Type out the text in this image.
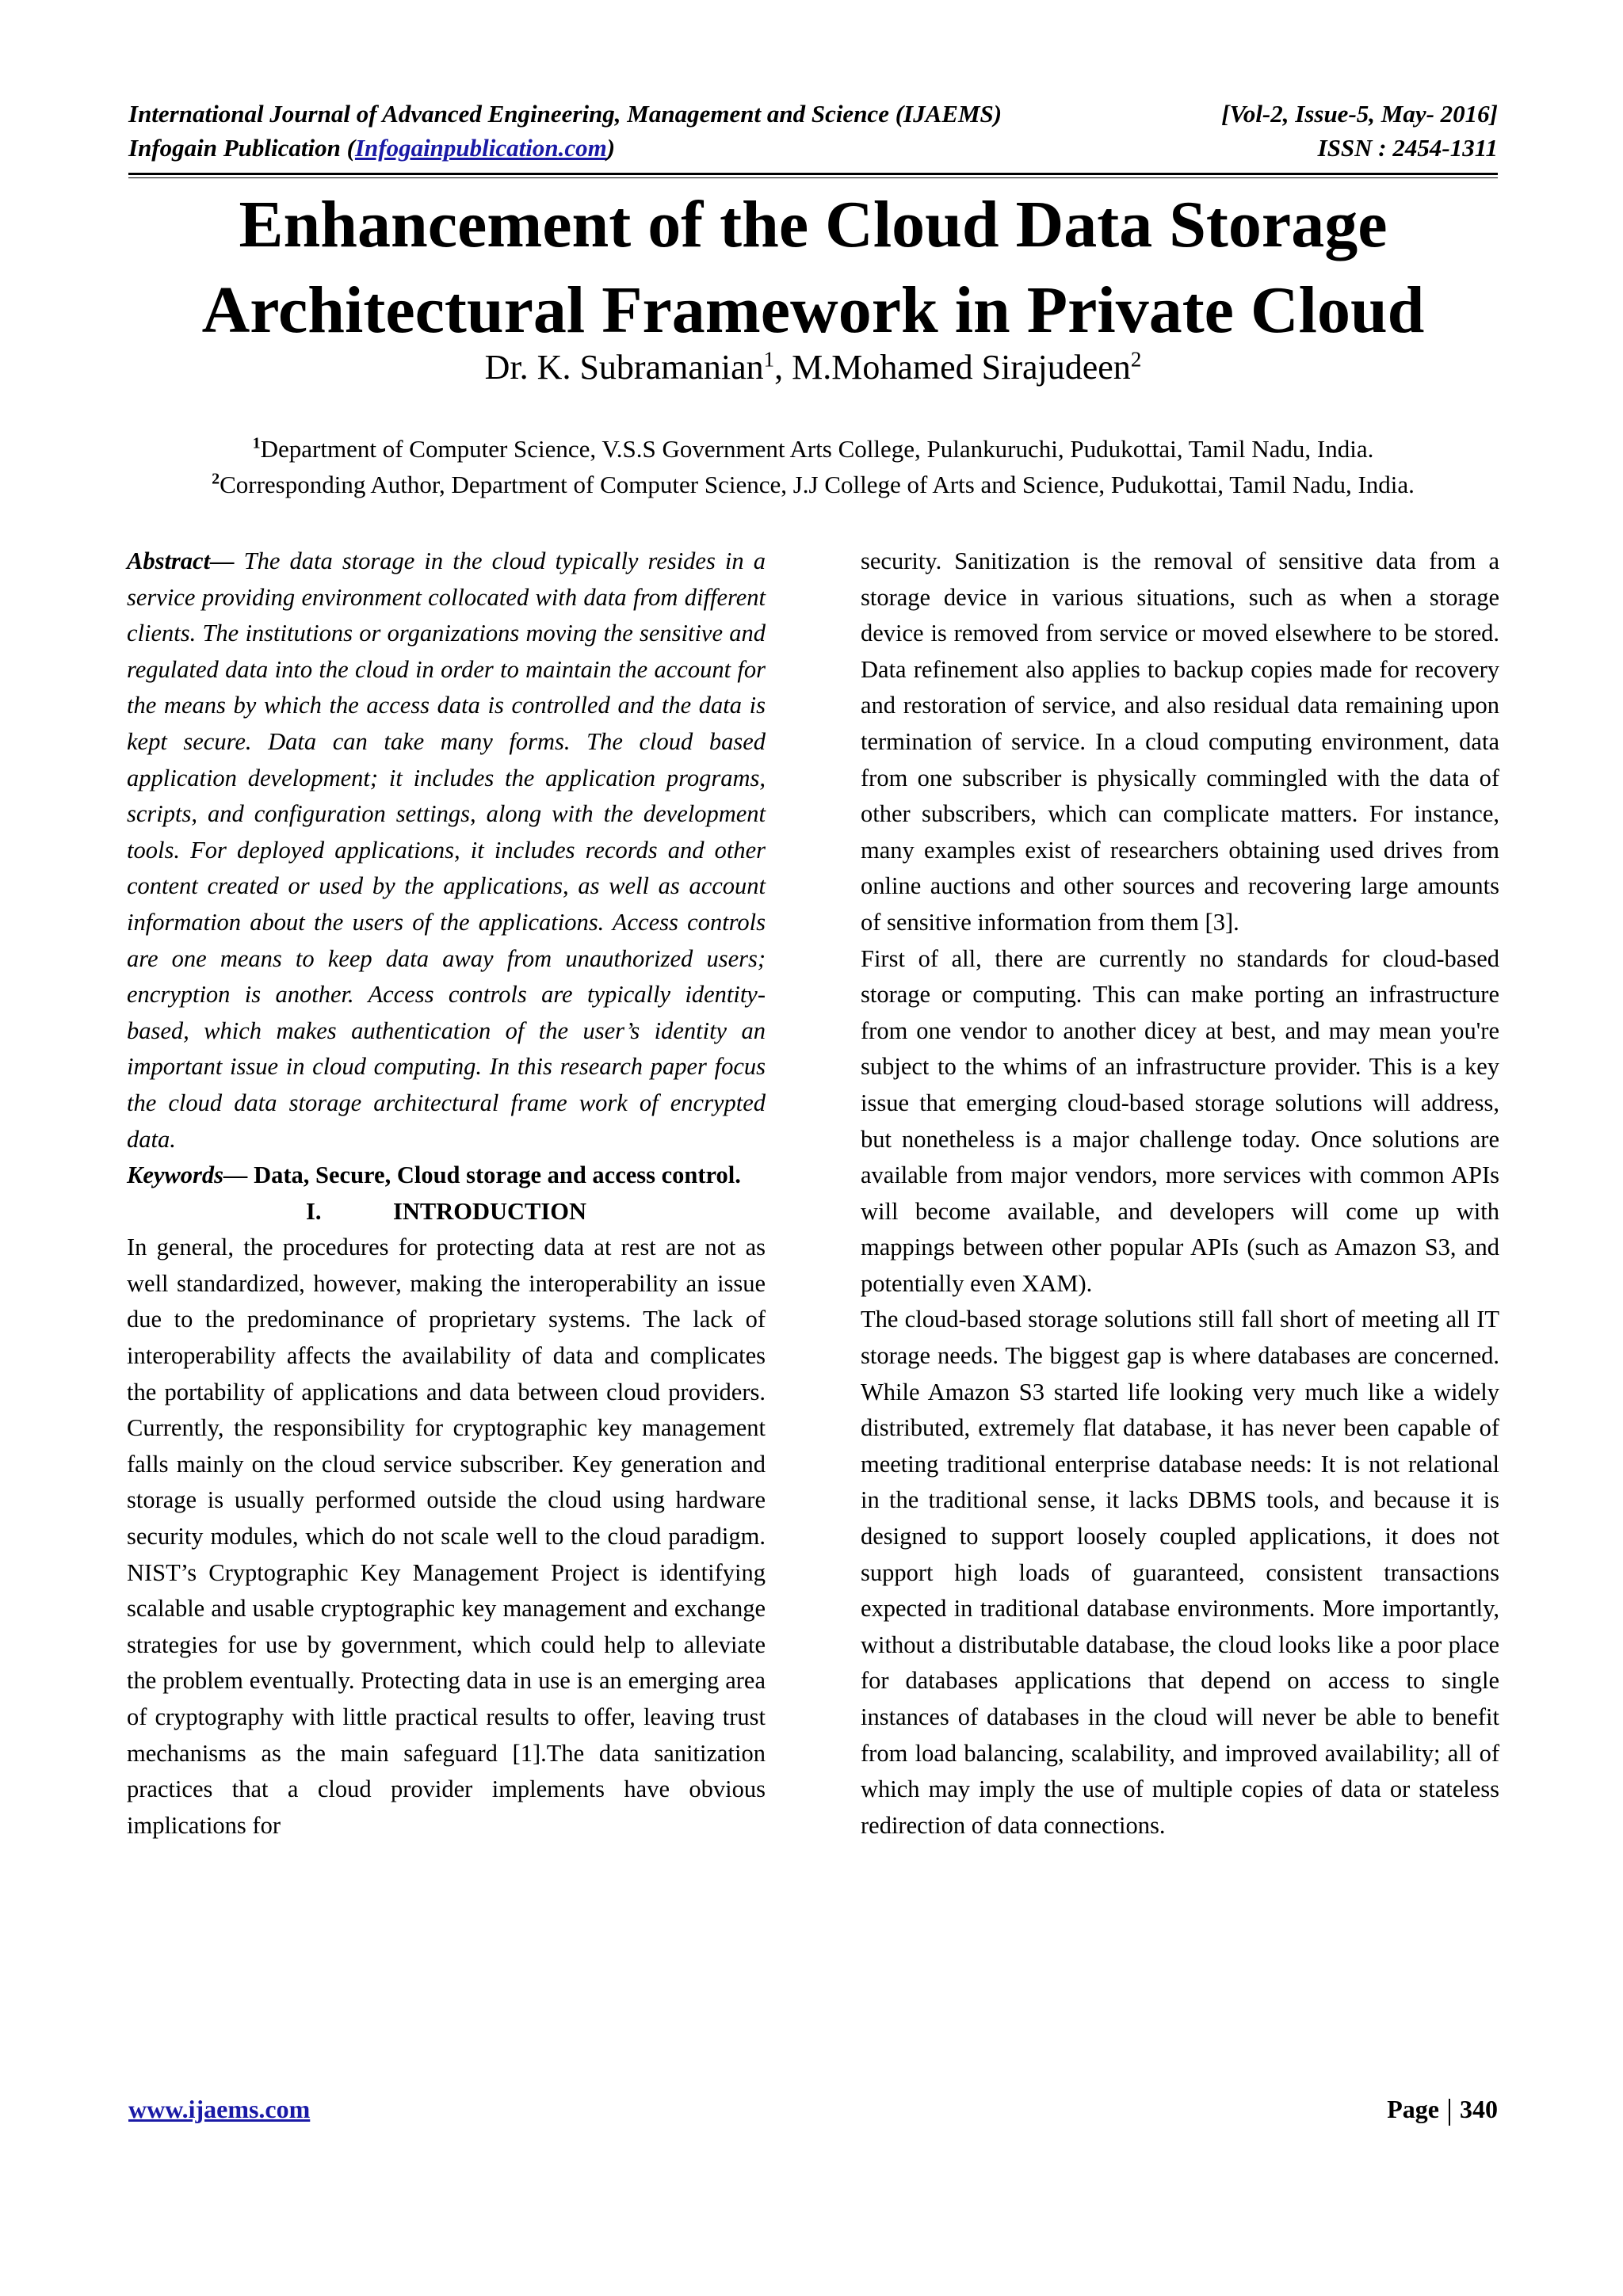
International Journal of Advanced Engineering, Management and Science (IJAEMS)	[Vol-2, Issue-5, May- 2016]
Infogain Publication (Infogainpublication.com)	ISSN : 2454-1311
Enhancement of the Cloud Data Storage
Architectural Framework in Private Cloud
Dr. K. Subramanian$^1$, M.Mohamed Sirajudeen$^2$
$^1$Department of Computer Science, V.S.S Government Arts College, Pulankuruchi, Pudukottai, Tamil Nadu, India.
$^2$Corresponding Author, Department of Computer Science, J.J College of Arts and Science, Pudukottai, Tamil Nadu, India.

Abstract— The data storage in the cloud typically resides in a service providing environment collocated with data from different clients. The institutions or organizations moving the sensitive and regulated data into the cloud in order to maintain the account for the means by which the access data is controlled and the data is kept secure. Data can take many forms. The cloud based application development; it includes the application programs, scripts, and configuration settings, along with the development tools. For deployed applications, it includes records and other content created or used by the applications, as well as account information about the users of the applications. Access controls are one means to keep data away from unauthorized users; encryption is another. Access controls are typically identity-based, which makes authentication of the user’s identity an important issue in cloud computing. In this research paper focus the cloud data storage architectural frame work of encrypted data.

Keywords— Data, Secure, Cloud storage and access control.

I.	INTRODUCTION

In general, the procedures for protecting data at rest are not as well standardized, however, making the interoperability an issue due to the predominance of proprietary systems. The lack of interoperability affects the availability of data and complicates the portability of applications and data between cloud providers. Currently, the responsibility for cryptographic key management falls mainly on the cloud service subscriber. Key generation and storage is usually performed outside the cloud using hardware security modules, which do not scale well to the cloud paradigm. NIST’s Cryptographic Key Management Project is identifying scalable and usable cryptographic key management and exchange strategies for use by government, which could help to alleviate the problem eventually. Protecting data in use is an emerging area of cryptography with little practical results to offer, leaving trust mechanisms as the main safeguard [1].The data sanitization practices that a cloud provider implements have obvious implications for

security. Sanitization is the removal of sensitive data from a storage device in various situations, such as when a storage device is removed from service or moved elsewhere to be stored. Data refinement also applies to backup copies made for recovery and restoration of service, and also residual data remaining upon termination of service. In a cloud computing environment, data from one subscriber is physically commingled with the data of other subscribers, which can complicate matters. For instance, many examples exist of researchers obtaining used drives from online auctions and other sources and recovering large amounts of sensitive information from them [3].

First of all, there are currently no standards for cloud-based storage or computing. This can make porting an infrastructure from one vendor to another dicey at best, and may mean you're subject to the whims of an infrastructure provider. This is a key issue that emerging cloud-based storage solutions will address, but nonetheless is a major challenge today. Once solutions are available from major vendors, more services with common APIs will become available, and developers will come up with mappings between other popular APIs (such as Amazon S3, and potentially even XAM).

The cloud-based storage solutions still fall short of meeting all IT storage needs. The biggest gap is where databases are concerned. While Amazon S3 started life looking very much like a widely distributed, extremely flat database, it has never been capable of meeting traditional enterprise database needs: It is not relational in the traditional sense, it lacks DBMS tools, and because it is designed to support loosely coupled applications, it does not support high loads of guaranteed, consistent transactions expected in traditional database environments. More importantly, without a distributable database, the cloud looks like a poor place for databases applications that depend on access to single instances of databases in the cloud will never be able to benefit from load balancing, scalability, and improved availability; all of which may imply the use of multiple copies of data or stateless redirection of data connections.

www.ijaems.com	Page 340
